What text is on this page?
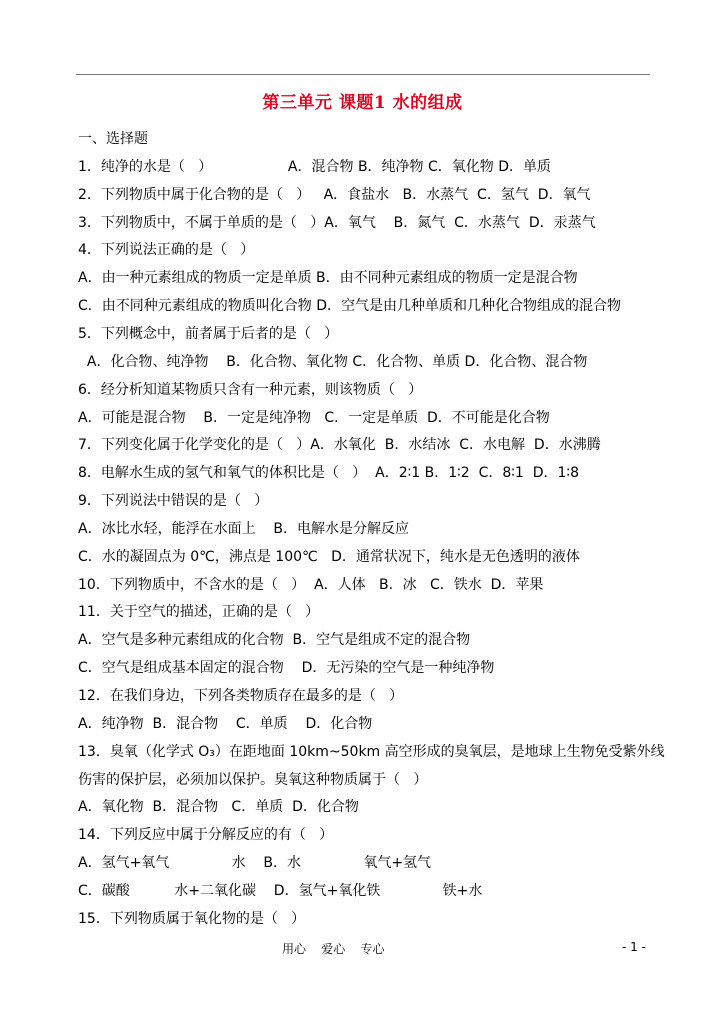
第三单元 课题1 水的组成
一、选择题
1．纯净的水是（   ）                 A．混合物 B．纯净物 C．氧化物 D．单质
2．下列物质中属于化合物的是（   ）   A．食盐水   B．水蒸气  C．氢气  D．氧气
3．下列物质中，不属于单质的是（   ）A．氧气    B．氮气  C．水蒸气  D．汞蒸气
4．下列说法正确的是（   ）
A．由一种元素组成的物质一定是单质 B．由不同种元素组成的物质一定是混合物
C．由不同种元素组成的物质叫化合物 D．空气是由几种单质和几种化合物组成的混合物
5．下列概念中，前者属于后者的是（   ）
A．化合物、纯净物    B．化合物、氧化物 C．化合物、单质 D．化合物、混合物
6．经分析知道某物质只含有一种元素，则该物质（   ）
A．可能是混合物    B．一定是纯净物   C．一定是单质  D．不可能是化合物
7．下列变化属于化学变化的是（   ）A．水氧化  B．水结冰  C．水电解  D．水沸腾
8．电解水生成的氢气和氧气的体积比是（   ）  A．2∶1 B．1∶2  C．8∶1  D．1∶8
9．下列说法中错误的是（   ）
A．冰比水轻，能浮在水面上    B．电解水是分解反应
C．水的凝固点为 0℃，沸点是 100℃   D．通常状况下，纯水是无色透明的液体
10．下列物质中，不含水的是（   ）  A．人体   B．冰   C．铁水  D．苹果
11．关于空气的描述，正确的是（   ）
A．空气是多种元素组成的化合物  B．空气是组成不定的混合物
C．空气是组成基本固定的混合物    D．无污染的空气是一种纯净物
12．在我们身边，下列各类物质存在最多的是（   ）
A．纯净物  B．混合物    C．单质    D．化合物
13．臭氧（化学式 O₃）在距地面 10km~50km 高空形成的臭氧层，是地球上生物免受紫外线
伤害的保护层，必须加以保护。臭氧这种物质属于（   ）
A．氧化物  B．混合物   C．单质  D．化合物
14．下列反应中属于分解反应的有（   ）
A．氢气+氧气              水    B．水              氧气+氢气
C．碳酸          水+二氧化碳    D．氢气+氧化铁              铁+水
15．下列物质属于氧化物的是（   ）
用心    爱心    专心	- 1 -
